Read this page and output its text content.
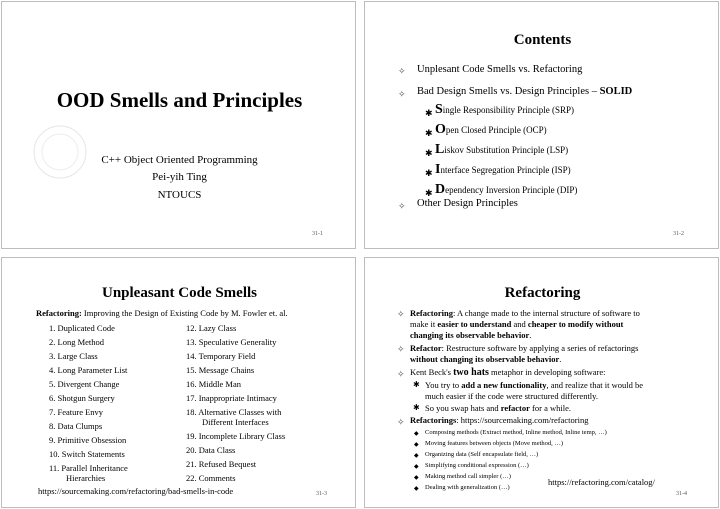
OOD Smells and Principles
C++ Object Oriented Programming
Pei-yih Ting
NTOUCS
31-1
Contents
✧ Unplesant Code Smells vs. Refactoring
✧ Bad Design Smells vs. Design Principles – SOLID
✱ Single Responsibility Principle (SRP)
✱ Open Closed Principle (OCP)
✱ Liskov Substitution Principle (LSP)
✱ Interface Segregation Principle (ISP)
✱ Dependency Inversion Principle (DIP)
✧ Other Design Principles
31-2
Unpleasant Code Smells
Refactoring: Improving the Design of Existing Code by M. Fowler et. al.
1. Duplicated Code
2. Long Method
3. Large Class
4. Long Parameter List
5. Divergent Change
6. Shotgun Surgery
7. Feature Envy
8. Data Clumps
9. Primitive Obsession
10. Switch Statements
11. Parallel Inheritance
Hierarchies
12. Lazy Class
13. Speculative Generality
14. Temporary Field
15. Message Chains
16. Middle Man
17. Inappropriate Intimacy
18. Alternative Classes with
Different Interfaces
19. Incomplete Library Class
20. Data Class
21. Refused Bequest
22. Comments
https://sourcemaking.com/refactoring/bad-smells-in-code	31-3
Refactoring
✧ Refactoring: A change made to the internal structure of software to
make it easier to understand and cheaper to modify without
changing its observable behavior.
✧ Refactor: Restructure software by applying a series of refactorings
without changing its observable behavior.
✧ Kent Beck's two hats metaphor in developing software:
✱ You try to add a new functionality, and realize that it would be
much easier if the code were structured differently.
✱ So you swap hats and refactor for a while.
✧ Refactorings: https://sourcemaking.com/refactoring
◆ Composing methods (Extract method, Inline method, Inline temp, …)
◆ Moving features between objects (Move method, …)
◆ Organizing data (Self encapsulate field, …)
◆ Simplifying conditional expression (…)
◆ Making method call simpler (…)
◆ Dealing with generalization (…)
https://refactoring.com/catalog/
31-4
